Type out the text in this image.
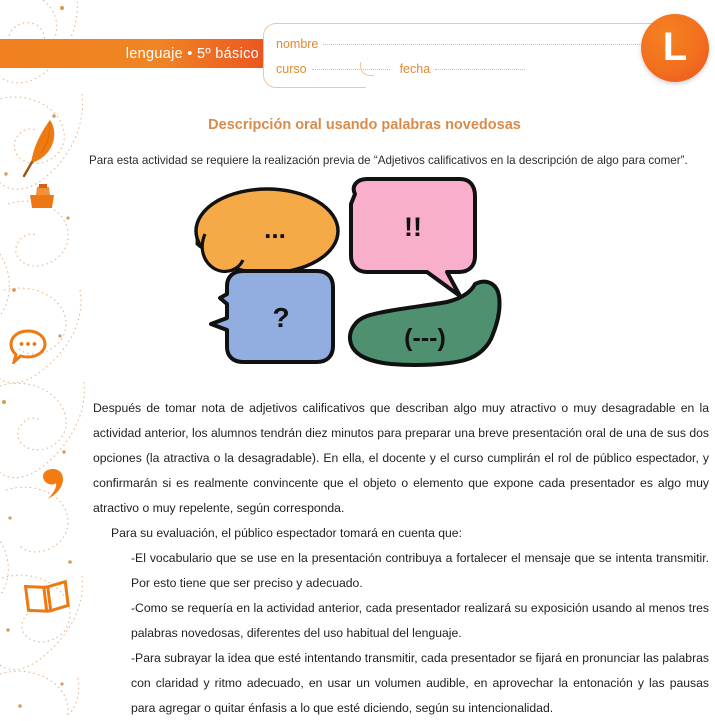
lenguaje • 5º básico
nombre
curso	fecha	L
Descripción oral usando palabras novedosas

Para esta actividad se requiere la realización previa de “Adjetivos calificativos en la descripción de algo para comer”.

...	!!
?
(---)

Después de tomar nota de adjetivos calificativos que describan algo muy atractivo o muy desagradable en la actividad anterior, los alumnos tendrán diez minutos para preparar una breve presentación oral de una de sus dos opciones (la atractiva o la desagradable). En ella, el docente y el curso cumplirán el rol de público espectador, y confirmarán si es realmente convincente que el objeto o elemento que expone cada presentador es algo muy atractivo o muy repelente, según corresponda.

Para su evaluación, el público espectador tomará en cuenta que:

-El vocabulario que se use en la presentación contribuya a fortalecer el mensaje que se intenta transmitir. Por esto tiene que ser preciso y adecuado.

-Como se requería en la actividad anterior, cada presentador realizará su exposición usando al menos tres palabras novedosas, diferentes del uso habitual del lenguaje.

-Para subrayar la idea que esté intentando transmitir, cada presentador se fijará en pronunciar las palabras con claridad y ritmo adecuado, en usar un volumen audible, en aprovechar la entonación y las pausas para agregar o quitar énfasis a lo que esté diciendo, según su intencionalidad.
